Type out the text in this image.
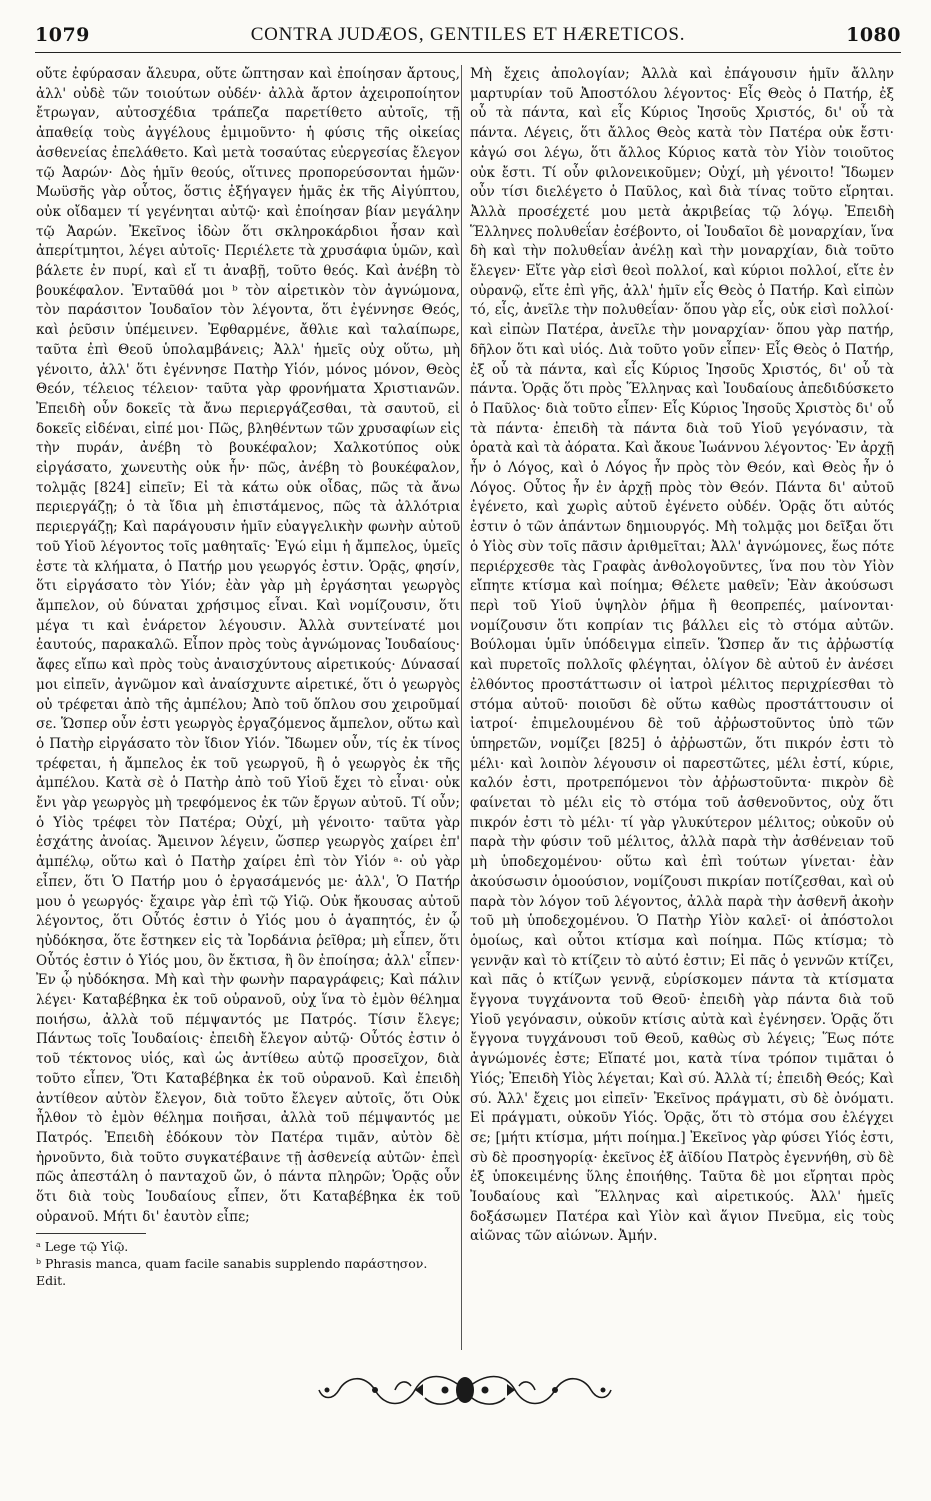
1079	CONTRA JUDÆOS, GENTILES ET HÆRETICOS.	1080

οὔτε ἐφύρασαν ἄλευρα, οὔτε ὤπτησαν καὶ ἐποίησαν ἄρτους, ἀλλ' οὐδὲ τῶν τοιούτων οὐδέν· ἀλλὰ ἄρτον ἀχειροποίητον ἔτρωγαν, αὐτοσχέδια τράπεζα παρετίθετο αὐτοῖς, τῇ ἀπαθείᾳ τοὺς ἀγγέλους ἐμιμοῦντο· ἡ φύσις τῆς οἰκείας ἀσθενείας ἐπελάθετο. Καὶ μετὰ τοσαύτας εὐεργεσίας ἔλεγον τῷ Ἀαρών· Δὸς ἡμῖν θεούς, οἵτινες προπορεύσονται ἡμῶν· Μωϋσῆς γὰρ οὗτος, ὅστις ἐξήγαγεν ἡμᾶς ἐκ τῆς Αἰγύπτου, οὐκ οἴδαμεν τί γεγένηται αὐτῷ· καὶ ἐποίησαν βίαν μεγάλην τῷ Ἀαρών. Ἐκεῖνος ἰδὼν ὅτι σκληροκάρδιοι ἦσαν καὶ ἀπερίτμητοι, λέγει αὐτοῖς· Περιέλετε τὰ χρυσάφια ὑμῶν, καὶ βάλετε ἐν πυρί, καὶ εἴ τι ἀναβῇ, τοῦτο θεός. Καὶ ἀνέβη τὸ βουκέφαλον. Ἐνταῦθά μοι ᵇ τὸν αἱρετικὸν τὸν ἀγνώμονα, τὸν παράσιτον Ἰουδαῖον τὸν λέγοντα, ὅτι ἐγέννησε Θεός, καὶ ῥεῦσιν ὑπέμεινεν. Ἐφθαρμένε, ἄθλιε καὶ ταλαίπωρε, ταῦτα ἐπὶ Θεοῦ ὑπολαμβάνεις; Ἀλλ' ἡμεῖς οὐχ οὕτω, μὴ γένοιτο, ἀλλ' ὅτι ἐγέννησε Πατὴρ Υἱόν, μόνος μόνον, Θεὸς Θεόν, τέλειος τέλειον· ταῦτα γὰρ φρονήματα Χριστιανῶν. Ἐπειδὴ οὖν δοκεῖς τὰ ἄνω περιεργάζεσθαι, τὰ σαυτοῦ, εἰ δοκεῖς εἰδέναι, εἰπέ μοι· Πῶς, βληθέντων τῶν χρυσαφίων εἰς τὴν πυράν, ἀνέβη τὸ βουκέφαλον; Χαλκοτύπος οὐκ εἰργάσατο, χωνευτὴς οὐκ ἦν· πῶς, ἀνέβη τὸ βουκέφαλον, τολμᾷς [824] εἰπεῖν; Εἰ τὰ κάτω οὐκ οἶδας, πῶς τὰ ἄνω περιεργάζῃ; ὁ τὰ ἴδια μὴ ἐπιστάμενος, πῶς τὰ ἀλλότρια περιεργάζῃ; Καὶ παράγουσιν ἡμῖν εὐαγγελικὴν φωνὴν αὐτοῦ τοῦ Υἱοῦ λέγοντος τοῖς μαθηταῖς· Ἐγώ εἰμι ἡ ἄμπελος, ὑμεῖς ἐστε τὰ κλήματα, ὁ Πατήρ μου γεωργός ἐστιν. Ὁρᾷς, φησίν, ὅτι εἰργάσατο τὸν Υἱόν; ἐὰν γὰρ μὴ ἐργάσηται γεωργὸς ἄμπελον, οὐ δύναται χρήσιμος εἶναι. Καὶ νομίζουσιν, ὅτι μέγα τι καὶ ἐνάρετον λέγουσιν. Ἀλλὰ συντείνατέ μοι ἑαυτούς, παρακαλῶ. Εἶπον πρὸς τοὺς ἀγνώμονας Ἰουδαίους· ἄφες εἴπω καὶ πρὸς τοὺς ἀναισχύντους αἱρετικούς· Δύνασαί μοι εἰπεῖν, ἀγνῶμον καὶ ἀναίσχυντε αἱρετικέ, ὅτι ὁ γεωργὸς οὐ τρέφεται ἀπὸ τῆς ἀμπέλου; Ἀπὸ τοῦ ὅπλου σου χειροῦμαί σε. Ὥσπερ οὖν ἐστι γεωργὸς ἐργαζόμενος ἄμπελον, οὕτω καὶ ὁ Πατὴρ εἰργάσατο τὸν ἴδιον Υἱόν. Ἴδωμεν οὖν, τίς ἐκ τίνος τρέφεται, ἡ ἄμπελος ἐκ τοῦ γεωργοῦ, ἢ ὁ γεωργὸς ἐκ τῆς ἀμπέλου. Κατὰ σὲ ὁ Πατὴρ ἀπὸ τοῦ Υἱοῦ ἔχει τὸ εἶναι· οὐκ ἔνι γὰρ γεωργὸς μὴ τρεφόμενος ἐκ τῶν ἔργων αὐτοῦ. Τί οὖν; ὁ Υἱὸς τρέφει τὸν Πατέρα; Οὐχί, μὴ γένοιτο· ταῦτα γὰρ ἐσχάτης ἀνοίας. Ἄμεινον λέγειν, ὥσπερ γεωργὸς χαίρει ἐπ' ἀμπέλῳ, οὕτω καὶ ὁ Πατὴρ χαίρει ἐπὶ τὸν Υἱόν ᵃ· οὐ γὰρ εἶπεν, ὅτι Ὁ Πατήρ μου ὁ ἐργασάμενός με· ἀλλ', Ὁ Πατήρ μου ὁ γεωργός· ἔχαιρε γὰρ ἐπὶ τῷ Υἱῷ. Οὐκ ἤκουσας αὐτοῦ λέγοντος, ὅτι Οὗτός ἐστιν ὁ Υἱός μου ὁ ἀγαπητός, ἐν ᾧ ηὐδόκησα, ὅτε ἔστηκεν εἰς τὰ Ἰορδάνια ῥεῖθρα; μὴ εἶπεν, ὅτι Οὗτός ἐστιν ὁ Υἱός μου, ὃν ἔκτισα, ἢ ὃν ἐποίησα; ἀλλ' εἶπεν· Ἐν ᾧ ηὐδόκησα. Μὴ καὶ τὴν φωνὴν παραγράφεις; Καὶ πάλιν λέγει· Καταβέβηκα ἐκ τοῦ οὐρανοῦ, οὐχ ἵνα τὸ ἐμὸν θέλημα ποιήσω, ἀλλὰ τοῦ πέμψαντός με Πατρός. Τίσιν ἔλεγε; Πάντως τοῖς Ἰουδαίοις· ἐπειδὴ ἔλεγον αὐτῷ· Οὗτός ἐστιν ὁ τοῦ τέκτονος υἱός, καὶ ὡς ἀντίθεω αὐτῷ προσεῖχον, διὰ τοῦτο εἶπεν, Ὅτι Καταβέβηκα ἐκ τοῦ οὐρανοῦ. Καὶ ἐπειδὴ ἀντίθεον αὐτὸν ἔλεγον, διὰ τοῦτο ἔλεγεν αὐτοῖς, ὅτι Οὐκ ἦλθον τὸ ἐμὸν θέλημα ποιῆσαι, ἀλλὰ τοῦ πέμψαντός με Πατρός. Ἐπειδὴ ἐδόκουν τὸν Πατέρα τιμᾶν, αὐτὸν δὲ ἠρνοῦντο, διὰ τοῦτο συγκατέβαινε τῇ ἀσθενείᾳ αὐτῶν· ἐπεὶ πῶς ἀπεστάλη ὁ πανταχοῦ ὤν, ὁ πάντα πληρῶν; Ὁρᾷς οὖν ὅτι διὰ τοὺς Ἰουδαίους εἶπεν, ὅτι Καταβέβηκα ἐκ τοῦ οὐρανοῦ. Μήτι δι' ἑαυτὸν εἶπε;

ᵃ Lege τῷ Υἱῷ.
ᵇ Phrasis manca, quam facile sanabis supplendo παράστησον. Edit.

Μὴ ἔχεις ἀπολογίαν; Ἀλλὰ καὶ ἐπάγουσιν ἡμῖν ἄλλην μαρτυρίαν τοῦ Ἀποστόλου λέγοντος· Εἷς Θεὸς ὁ Πατήρ, ἐξ οὗ τὰ πάντα, καὶ εἷς Κύριος Ἰησοῦς Χριστός, δι' οὗ τὰ πάντα. Λέγεις, ὅτι ἄλλος Θεὸς κατὰ τὸν Πατέρα οὐκ ἔστι· κἀγώ σοι λέγω, ὅτι ἄλλος Κύριος κατὰ τὸν Υἱὸν τοιοῦτος οὐκ ἔστι. Τί οὖν φιλονεικοῦμεν; Οὐχί, μὴ γένοιτο! Ἴδωμεν οὖν τίσι διελέγετο ὁ Παῦλος, καὶ διὰ τίνας τοῦτο εἴρηται. Ἀλλὰ προσέχετέ μου μετὰ ἀκριβείας τῷ λόγῳ. Ἐπειδὴ Ἕλληνες πολυθεΐαν ἐσέβοντο, οἱ Ἰουδαῖοι δὲ μοναρχίαν, ἵνα δὴ καὶ τὴν πολυθεΐαν ἀνέλῃ καὶ τὴν μοναρχίαν, διὰ τοῦτο ἔλεγεν· Εἴτε γὰρ εἰσὶ θεοὶ πολλοί, καὶ κύριοι πολλοί, εἴτε ἐν οὐρανῷ, εἴτε ἐπὶ γῆς, ἀλλ' ἡμῖν εἷς Θεὸς ὁ Πατήρ. Καὶ εἰπὼν τό, εἷς, ἀνεῖλε τὴν πολυθεΐαν· ὅπου γὰρ εἷς, οὐκ εἰσὶ πολλοί· καὶ εἰπὼν Πατέρα, ἀνεῖλε τὴν μοναρχίαν· ὅπου γὰρ πατήρ, δῆλον ὅτι καὶ υἱός. Διὰ τοῦτο γοῦν εἶπεν· Εἷς Θεὸς ὁ Πατήρ, ἐξ οὗ τὰ πάντα, καὶ εἷς Κύριος Ἰησοῦς Χριστός, δι' οὗ τὰ πάντα. Ὁρᾷς ὅτι πρὸς Ἕλληνας καὶ Ἰουδαίους ἀπεδιδύσκετο ὁ Παῦλος· διὰ τοῦτο εἶπεν· Εἷς Κύριος Ἰησοῦς Χριστὸς δι' οὗ τὰ πάντα· ἐπειδὴ τὰ πάντα διὰ τοῦ Υἱοῦ γεγόνασιν, τὰ ὁρατὰ καὶ τὰ ἀόρατα. Καὶ ἄκουε Ἰωάννου λέγοντος· Ἐν ἀρχῇ ἦν ὁ Λόγος, καὶ ὁ Λόγος ἦν πρὸς τὸν Θεόν, καὶ Θεὸς ἦν ὁ Λόγος. Οὗτος ἦν ἐν ἀρχῇ πρὸς τὸν Θεόν. Πάντα δι' αὐτοῦ ἐγένετο, καὶ χωρὶς αὐτοῦ ἐγένετο οὐδέν. Ὁρᾷς ὅτι αὐτός ἐστιν ὁ τῶν ἁπάντων δημιουργός. Μὴ τολμᾷς μοι δεῖξαι ὅτι ὁ Υἱὸς σὺν τοῖς πᾶσιν ἀριθμεῖται; Ἀλλ' ἀγνώμονες, ἕως πότε περιέρχεσθε τὰς Γραφὰς ἀνθολογοῦντες, ἵνα που τὸν Υἱὸν εἴπητε κτίσμα καὶ ποίημα; Θέλετε μαθεῖν; Ἐὰν ἀκούσωσι περὶ τοῦ Υἱοῦ ὑψηλὸν ῥῆμα ἢ θεοπρεπές, μαίνονται· νομίζουσιν ὅτι κοπρίαν τις βάλλει εἰς τὸ στόμα αὐτῶν. Βούλομαι ὑμῖν ὑπόδειγμα εἰπεῖν. Ὥσπερ ἄν τις ἀῤῥωστίᾳ καὶ πυρετοῖς πολλοῖς φλέγηται, ὀλίγον δὲ αὐτοῦ ἐν ἀνέσει ἐλθόντος προστάττωσιν οἱ ἰατροὶ μέλιτος περιχρίεσθαι τὸ στόμα αὐτοῦ· ποιοῦσι δὲ οὕτω καθὼς προστάττουσιν οἱ ἰατροί· ἐπιμελουμένου δὲ τοῦ ἀῤῥωστοῦντος ὑπὸ τῶν ὑπηρετῶν, νομίζει [825] ὁ ἀῤῥωστῶν, ὅτι πικρόν ἐστι τὸ μέλι· καὶ λοιπὸν λέγουσιν οἱ παρεστῶτες, μέλι ἐστί, κύριε, καλόν ἐστι, προτρεπόμενοι τὸν ἀῤῥωστοῦντα· πικρὸν δὲ φαίνεται τὸ μέλι εἰς τὸ στόμα τοῦ ἀσθενοῦντος, οὐχ ὅτι πικρόν ἐστι τὸ μέλι· τί γὰρ γλυκύτερον μέλιτος; οὐκοῦν οὐ παρὰ τὴν φύσιν τοῦ μέλιτος, ἀλλὰ παρὰ τὴν ἀσθένειαν τοῦ μὴ ὑποδεχομένου· οὕτω καὶ ἐπὶ τούτων γίνεται· ἐὰν ἀκούσωσιν ὁμοούσιον, νομίζουσι πικρίαν ποτίζεσθαι, καὶ οὐ παρὰ τὸν λόγον τοῦ λέγοντος, ἀλλὰ παρὰ τὴν ἀσθενῆ ἀκοὴν τοῦ μὴ ὑποδεχομένου. Ὁ Πατὴρ Υἱὸν καλεῖ· οἱ ἀπόστολοι ὁμοίως, καὶ οὗτοι κτίσμα καὶ ποίημα. Πῶς κτίσμα; τὸ γεννᾷν καὶ τὸ κτίζειν τὸ αὐτό ἐστιν; Εἰ πᾶς ὁ γεννῶν κτίζει, καὶ πᾶς ὁ κτίζων γεννᾷ, εὑρίσκομεν πάντα τὰ κτίσματα ἔγγονα τυγχάνοντα τοῦ Θεοῦ· ἐπειδὴ γὰρ πάντα διὰ τοῦ Υἱοῦ γεγόνασιν, οὐκοῦν κτίσις αὐτὰ καὶ ἐγένησεν. Ὁρᾷς ὅτι ἔγγονα τυγχάνουσι τοῦ Θεοῦ, καθὼς σὺ λέγεις; Ἕως πότε ἀγνώμονές ἐστε; Εἴπατέ μοι, κατὰ τίνα τρόπον τιμᾶται ὁ Υἱός; Ἐπειδὴ Υἱὸς λέγεται; Καὶ σύ. Ἀλλὰ τί; ἐπειδὴ Θεός; Καὶ σύ. Ἀλλ' ἔχεις μοι εἰπεῖν· Ἐκεῖνος πράγματι, σὺ δὲ ὀνόματι. Εἰ πράγματι, οὐκοῦν Υἱός. Ὁρᾷς, ὅτι τὸ στόμα σου ἐλέγχει σε; [μήτι κτίσμα, μήτι ποίημα.] Ἐκεῖνος γὰρ φύσει Υἱός ἐστι, σὺ δὲ προσηγορίᾳ· ἐκεῖνος ἐξ ἀϊδίου Πατρὸς ἐγεννήθη, σὺ δὲ ἐξ ὑποκειμένης ὕλης ἐποιήθης. Ταῦτα δὲ μοι εἴρηται πρὸς Ἰουδαίους καὶ Ἕλληνας καὶ αἱρετικούς. Ἀλλ' ἡμεῖς δοξάσωμεν Πατέρα καὶ Υἱὸν καὶ ἅγιον Πνεῦμα, εἰς τοὺς αἰῶνας τῶν αἰώνων. Ἀμήν.
